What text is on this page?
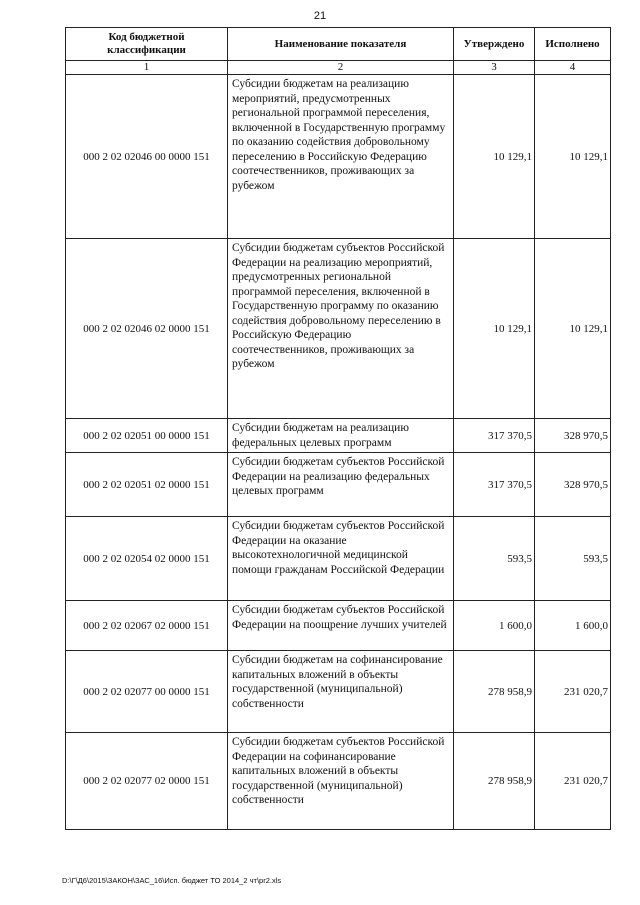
21
Код бюджетной классификации	Наименование показателя	Утверждено	Исполнено
1	2	3	4
000 2 02 02046 00 0000 151	Субсидии бюджетам на реализацию мероприятий, предусмотренных региональной программой переселения, включенной в Государственную программу по оказанию содействия добровольному переселению в Российскую Федерацию соотечественников, проживающих за рубежом	10 129,1	10 129,1
000 2 02 02046 02 0000 151	Субсидии бюджетам субъектов Российской Федерации на реализацию мероприятий, предусмотренных региональной программой переселения, включенной в Государственную программу по оказанию содействия добровольному переселению в Российскую Федерацию соотечественников, проживающих за рубежом	10 129,1	10 129,1
000 2 02 02051 00 0000 151	Субсидии бюджетам на реализацию федеральных целевых программ	317 370,5	328 970,5
000 2 02 02051 02 0000 151	Субсидии бюджетам субъектов Российской Федерации на реализацию федеральных целевых программ	317 370,5	328 970,5
000 2 02 02054 02 0000 151	Субсидии бюджетам субъектов Российской Федерации на оказание высокотехнологичной медицинской помощи гражданам Российской Федерации	593,5	593,5
000 2 02 02067 02 0000 151	Субсидии бюджетам субъектов Российской Федерации на поощрение лучших учителей	1 600,0	1 600,0
000 2 02 02077 00 0000 151	Субсидии бюджетам на софинансирование капитальных вложений в объекты государственной (муниципальной) собственности	278 958,9	231 020,7
000 2 02 02077 02 0000 151	Субсидии бюджетам субъектов Российской Федерации на софинансирование капитальных вложений в объекты государственной (муниципальной) собственности	278 958,9	231 020,7
D:\Г\Д6\2015\ЗАКОН\ЗАС_16\Исп. бюджет ТО 2014_2 чт\pr2.xls
